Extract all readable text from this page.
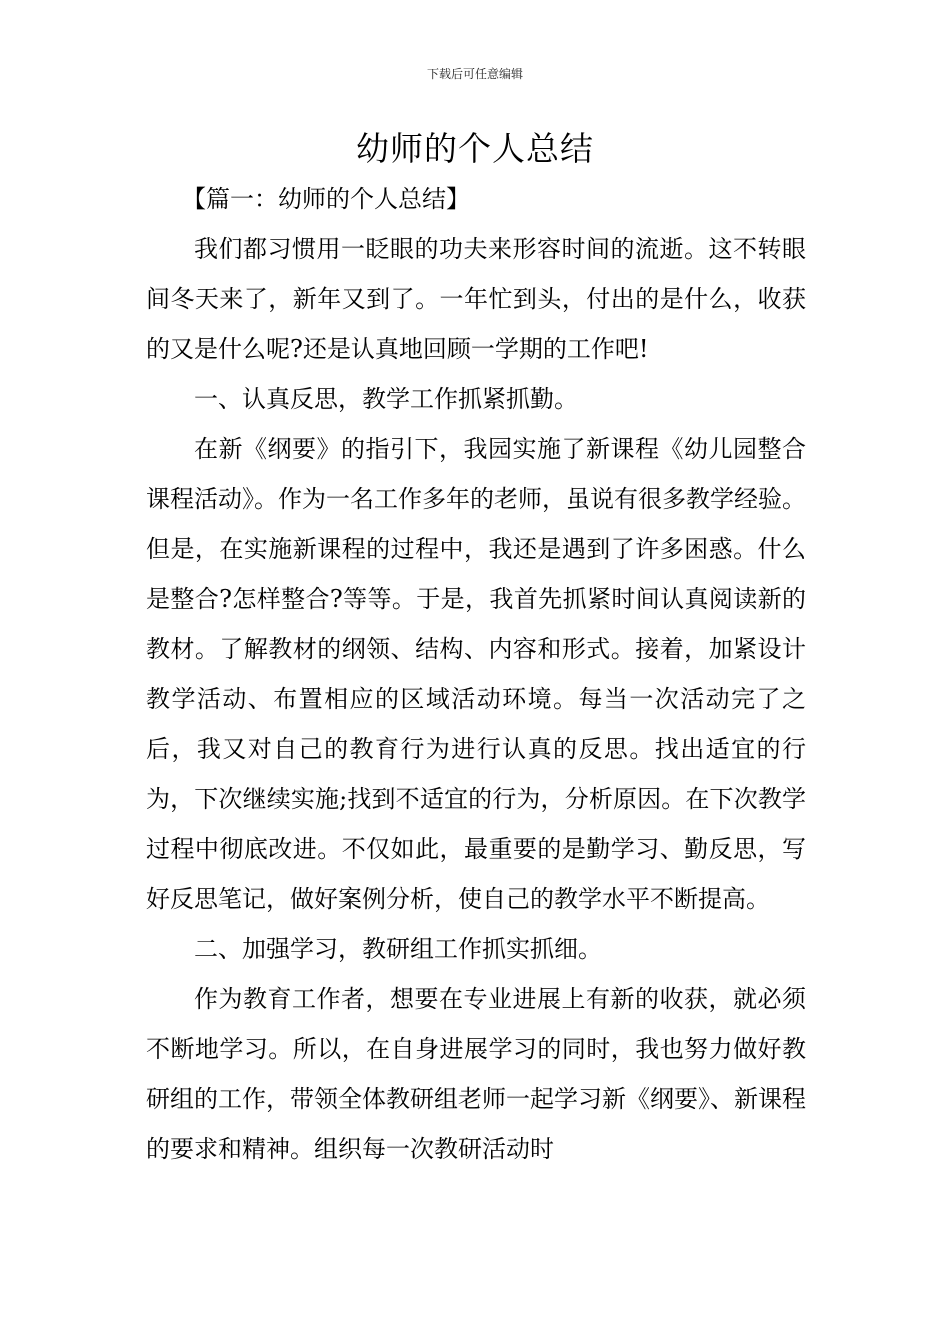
下载后可任意编辑
幼师的个人总结

【篇一：幼师的个人总结】

我们都习惯用一眨眼的功夫来形容时间的流逝。这不转眼间冬天来了，新年又到了。一年忙到头，付出的是什么，收获的又是什么呢?还是认真地回顾一学期的工作吧!

一、认真反思，教学工作抓紧抓勤。

在新《纲要》的指引下，我园实施了新课程《幼儿园整合课程活动》。作为一名工作多年的老师，虽说有很多教学经验。但是，在实施新课程的过程中，我还是遇到了许多困惑。什么是整合?怎样整合?等等。于是，我首先抓紧时间认真阅读新的教材。了解教材的纲领、结构、内容和形式。接着，加紧设计教学活动、布置相应的区域活动环境。每当一次活动完了之后，我又对自己的教育行为进行认真的反思。找出适宜的行为，下次继续实施;找到不适宜的行为，分析原因。在下次教学过程中彻底改进。不仅如此，最重要的是勤学习、勤反思，写好反思笔记，做好案例分析，使自己的教学水平不断提高。

二、加强学习，教研组工作抓实抓细。

作为教育工作者，想要在专业进展上有新的收获，就必须不断地学习。所以，在自身进展学习的同时，我也努力做好教研组的工作，带领全体教研组老师一起学习新《纲要》、新课程的要求和精神。组织每一次教研活动时
